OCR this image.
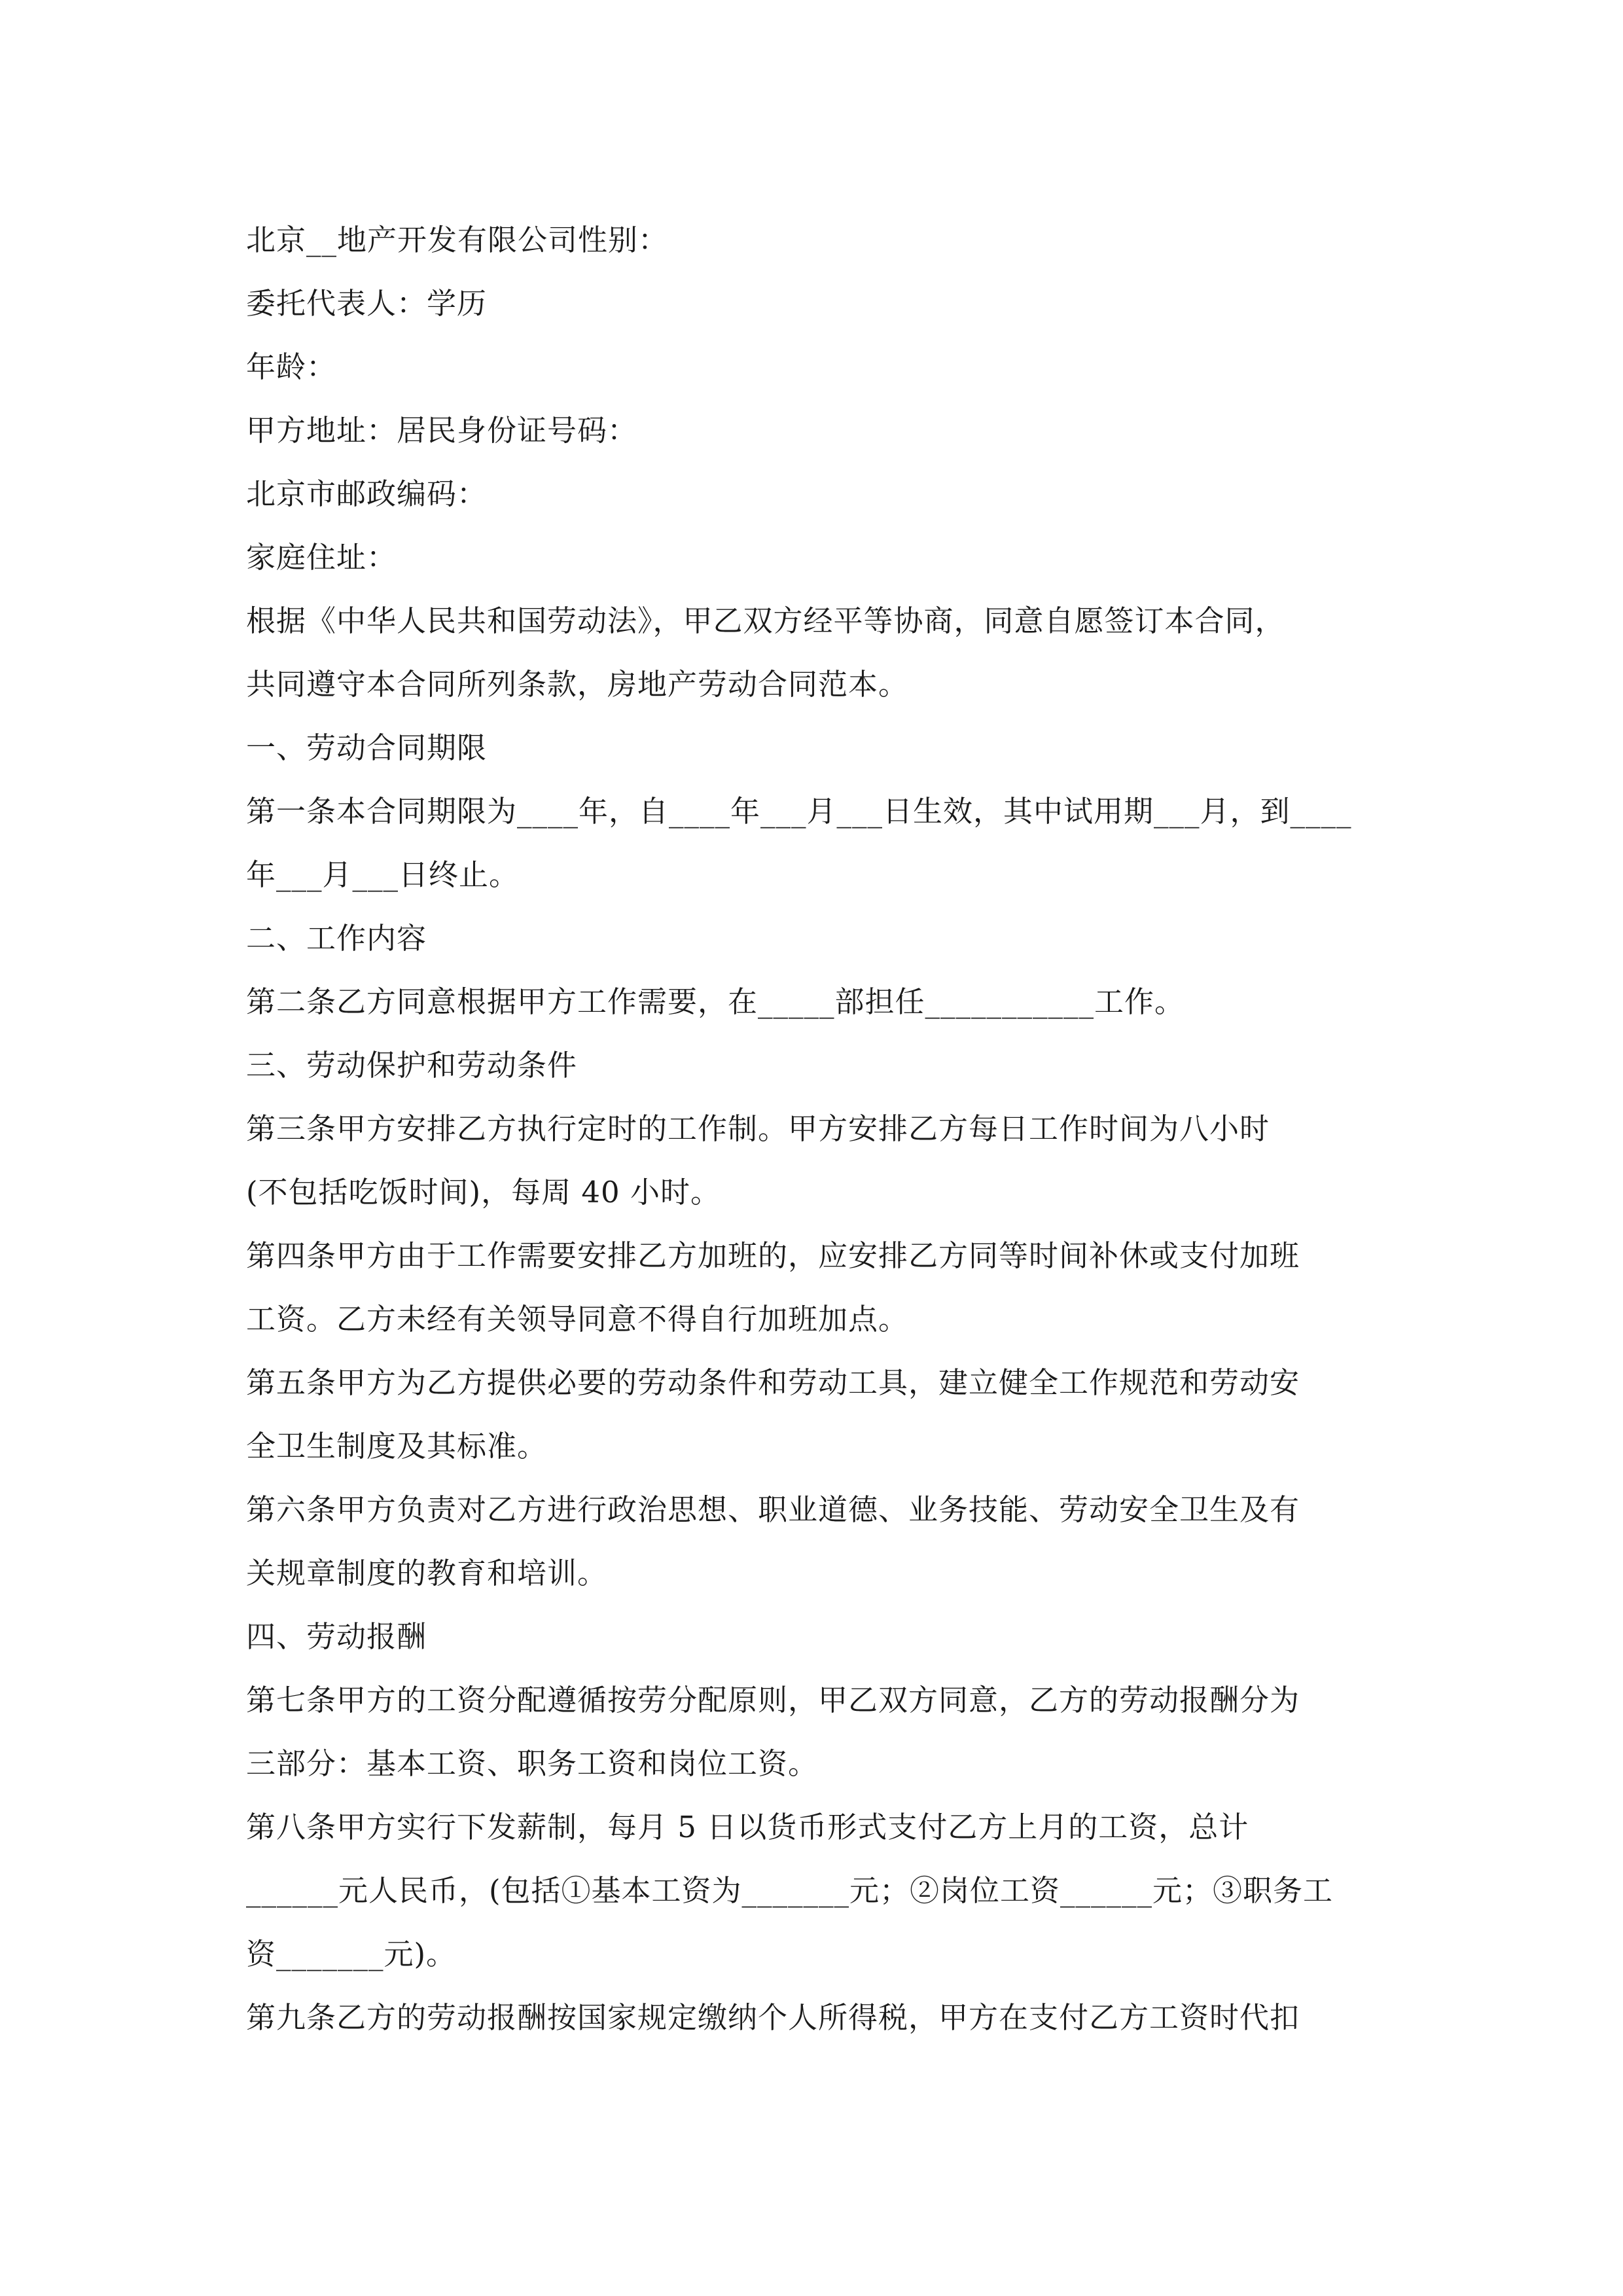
北京__地产开发有限公司性别：
委托代表人：学历
年龄：
甲方地址：居民身份证号码：
北京市邮政编码：
家庭住址：
根据《中华人民共和国劳动法》，甲乙双方经平等协商，同意自愿签订本合同，
共同遵守本合同所列条款，房地产劳动合同范本。
一、劳动合同期限
第一条本合同期限为____年，自____年___月___日生效，其中试用期___月，到____
年___月___日终止。
二、工作内容
第二条乙方同意根据甲方工作需要，在_____部担任___________工作。
三、劳动保护和劳动条件
第三条甲方安排乙方执行定时的工作制。甲方安排乙方每日工作时间为八小时
(不包括吃饭时间)，每周 40 小时。
第四条甲方由于工作需要安排乙方加班的，应安排乙方同等时间补休或支付加班
工资。乙方未经有关领导同意不得自行加班加点。
第五条甲方为乙方提供必要的劳动条件和劳动工具，建立健全工作规范和劳动安
全卫生制度及其标准。
第六条甲方负责对乙方进行政治思想、职业道德、业务技能、劳动安全卫生及有
关规章制度的教育和培训。
四、劳动报酬
第七条甲方的工资分配遵循按劳分配原则，甲乙双方同意，乙方的劳动报酬分为
三部分：基本工资、职务工资和岗位工资。
第八条甲方实行下发薪制，每月 5 日以货币形式支付乙方上月的工资，总计
______元人民币，(包括①基本工资为_______元；②岗位工资______元；③职务工
资_______元)。
第九条乙方的劳动报酬按国家规定缴纳个人所得税，甲方在支付乙方工资时代扣
